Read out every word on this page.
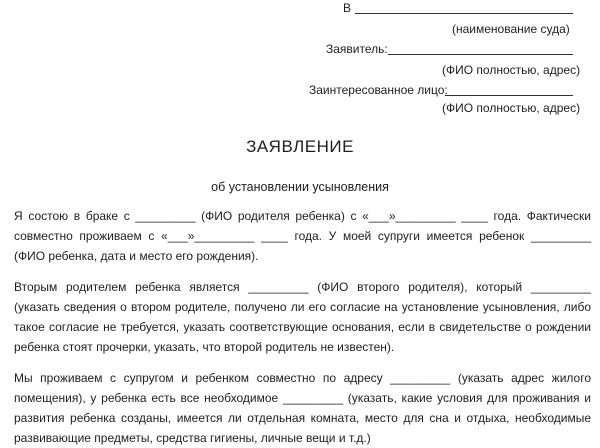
В
(наименование суда)
Заявитель:
(ФИО полностью, адрес)
Заинтересованное лицо:
(ФИО полностью, адрес)
ЗАЯВЛЕНИЕ
об установлении усыновления
Я состою в браке с _________ (ФИО родителя ребенка) с «___»_________ ____ года. Фактически
совместно проживаем с «___»_________ ____ года. У моей супруги имеется ребенок _________
(ФИО ребенка, дата и место его рождения).
Вторым родителем ребенка является _________ (ФИО второго родителя), который _________
(указать сведения о втором родителе, получено ли его согласие на установление усыновления, либо
такое согласие не требуется, указать соответствующие основания, если в свидетельстве о рождении
ребенка стоят прочерки, указать, что второй родитель не известен).
Мы проживаем с супругом и ребенком совместно по адресу _________ (указать адрес жилого
помещения), у ребенка есть все необходимое _________ (указать, какие условия для проживания и
развития ребенка созданы, имеется ли отдельная комната, место для сна и отдыха, необходимые
развивающие предметы, средства гигиены, личные вещи и т.д.)
